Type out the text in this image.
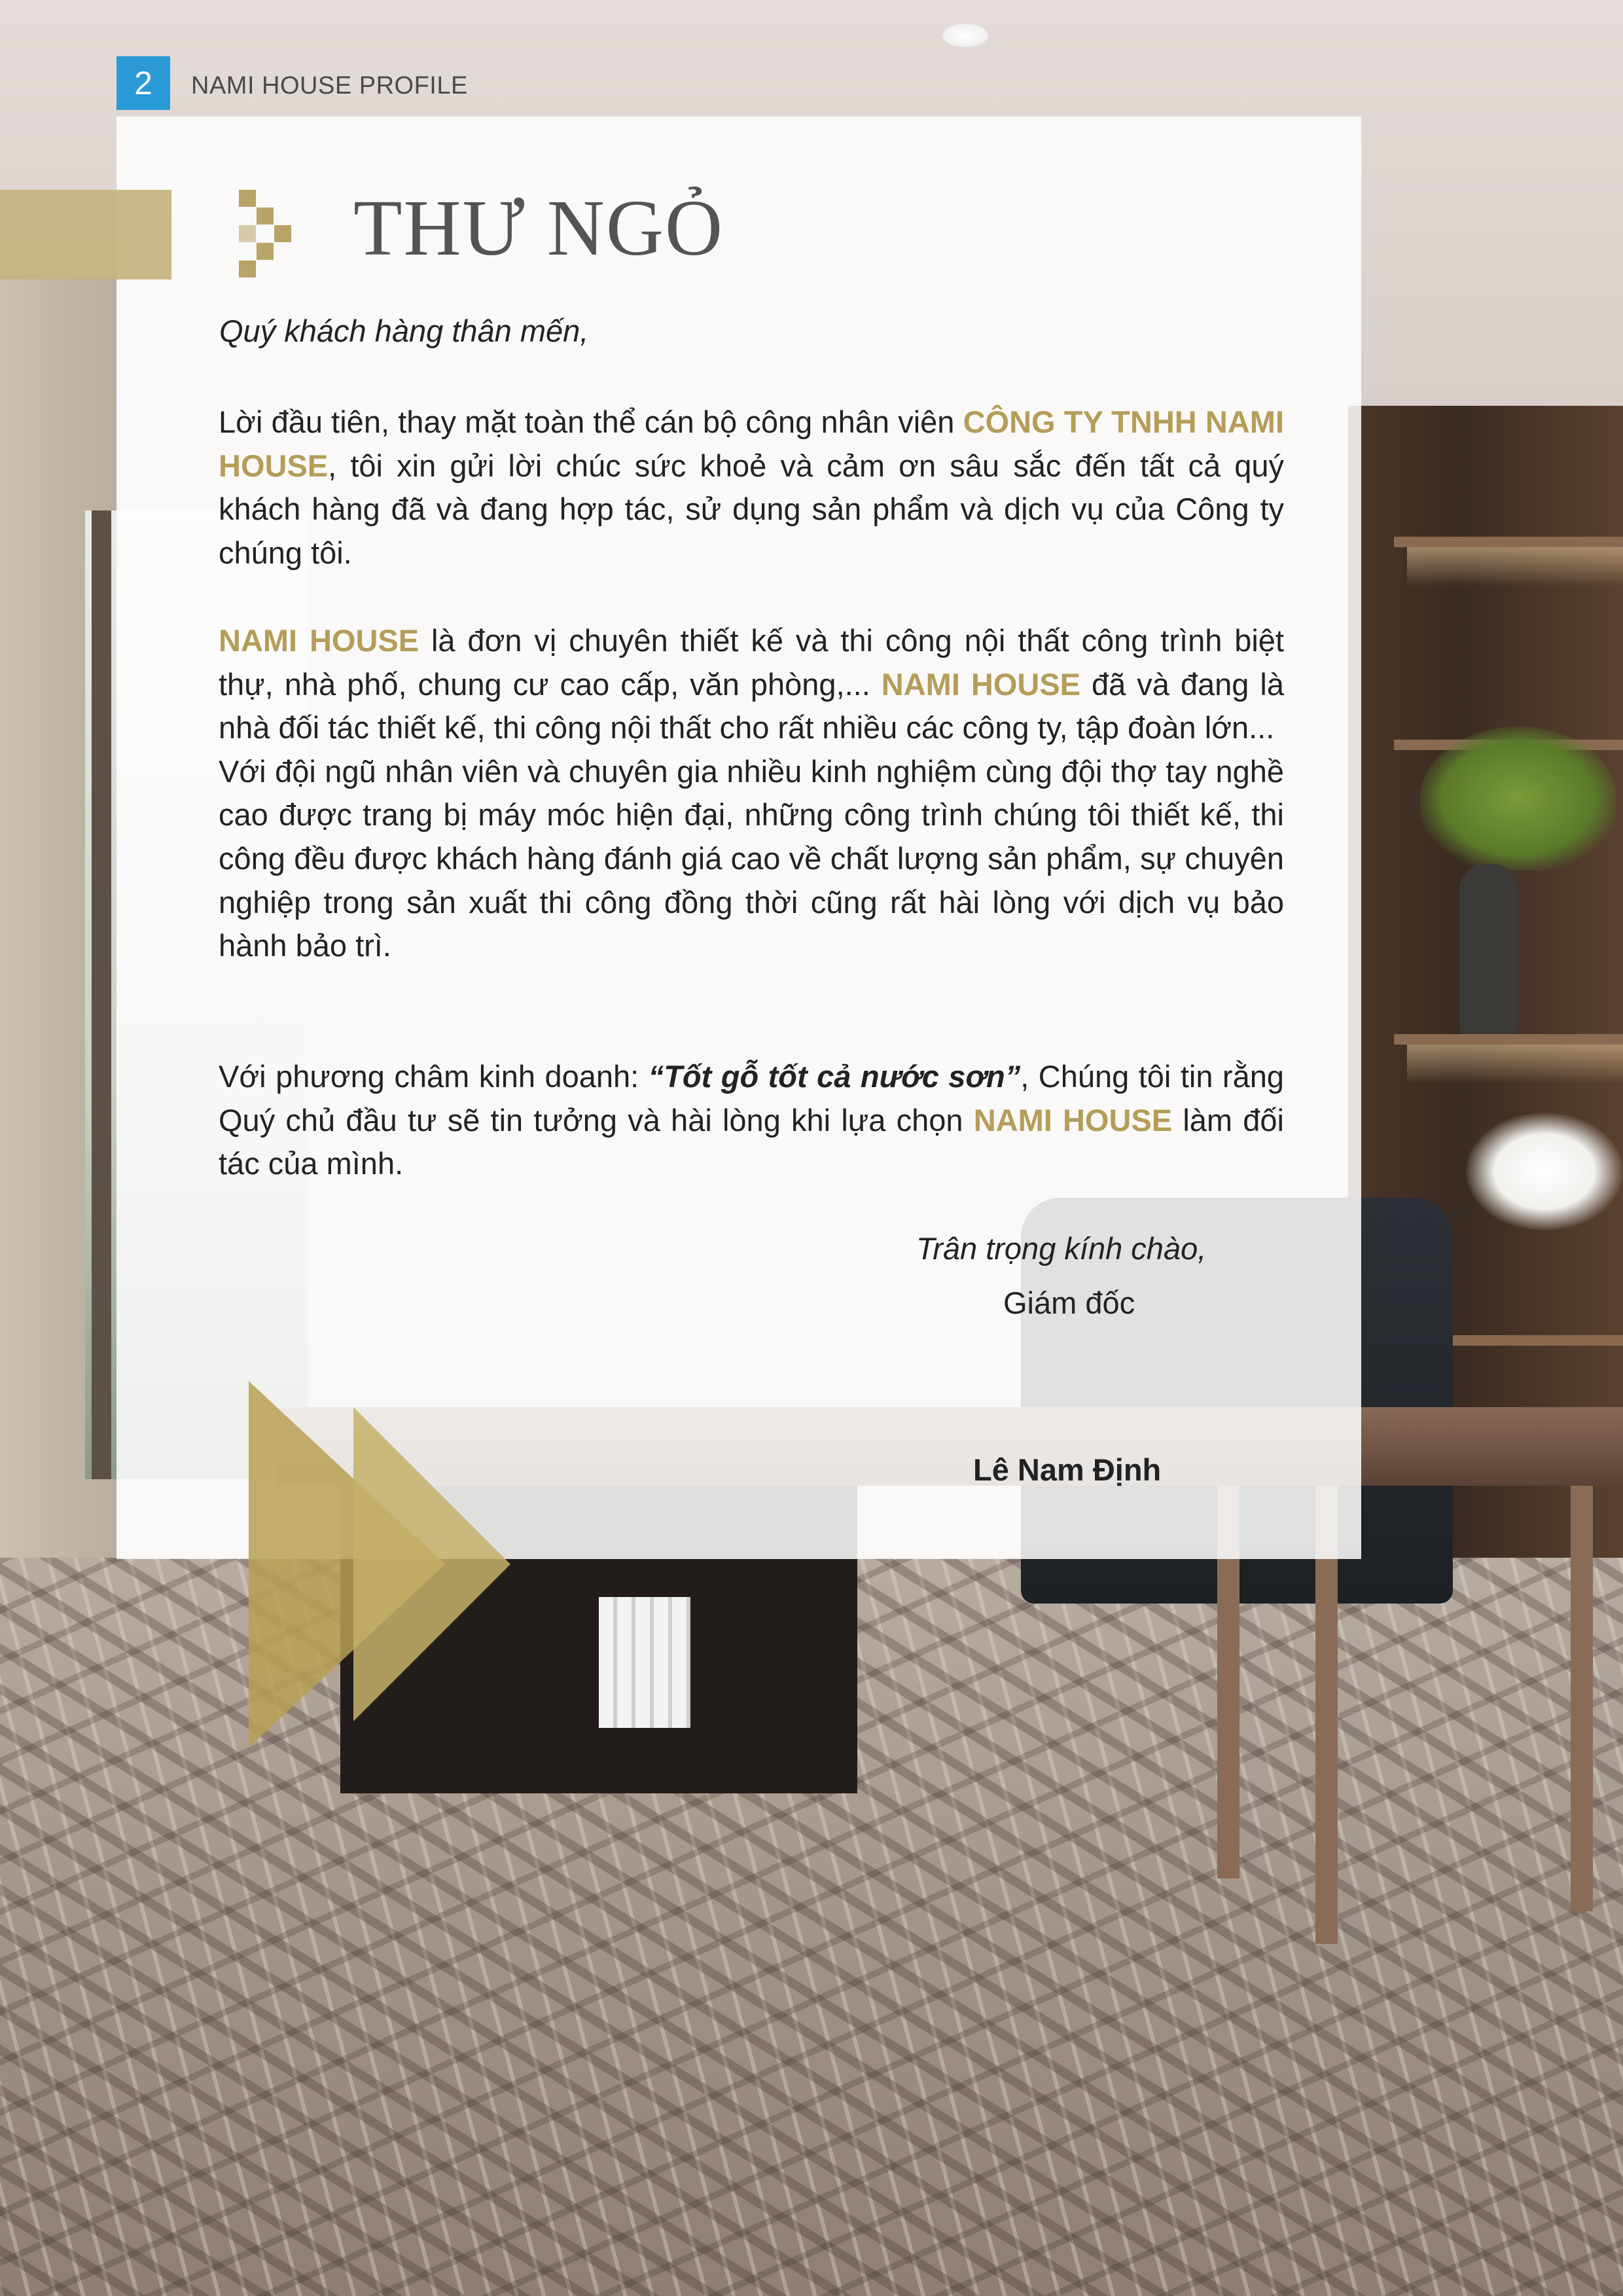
2	NAMI HOUSE PROFILE
THƯ NGỎ
Quý khách hàng thân mến,

Lời đầu tiên, thay mặt toàn thể cán bộ công nhân viên CÔNG TY TNHH NAMI HOUSE, tôi xin gửi lời chúc sức khoẻ và cảm ơn sâu sắc đến tất cả quý khách hàng đã và đang hợp tác, sử dụng sản phẩm và dịch vụ của Công ty chúng tôi.

NAMI HOUSE là đơn vị chuyên thiết kế và thi công nội thất công trình biệt thự, nhà phố, chung cư cao cấp, văn phòng,... NAMI HOUSE đã và đang là nhà đối tác thiết kế, thi công nội thất cho rất nhiều các công ty, tập đoàn lớn...

Với đội ngũ nhân viên và chuyên gia nhiều kinh nghiệm cùng đội thợ tay nghề cao được trang bị máy móc hiện đại, những công trình chúng tôi thiết kế, thi công đều được khách hàng đánh giá cao về chất lượng sản phẩm, sự chuyên nghiệp trong sản xuất thi công đồng thời cũng rất hài lòng với dịch vụ bảo hành bảo trì.

Với phương châm kinh doanh: “Tốt gỗ tốt cả nước sơn”, Chúng tôi tin rằng Quý chủ đầu tư sẽ tin tưởng và hài lòng khi lựa chọn NAMI HOUSE làm đối tác của mình.

Trân trọng kính chào,
Giám đốc
Lê Nam Định
